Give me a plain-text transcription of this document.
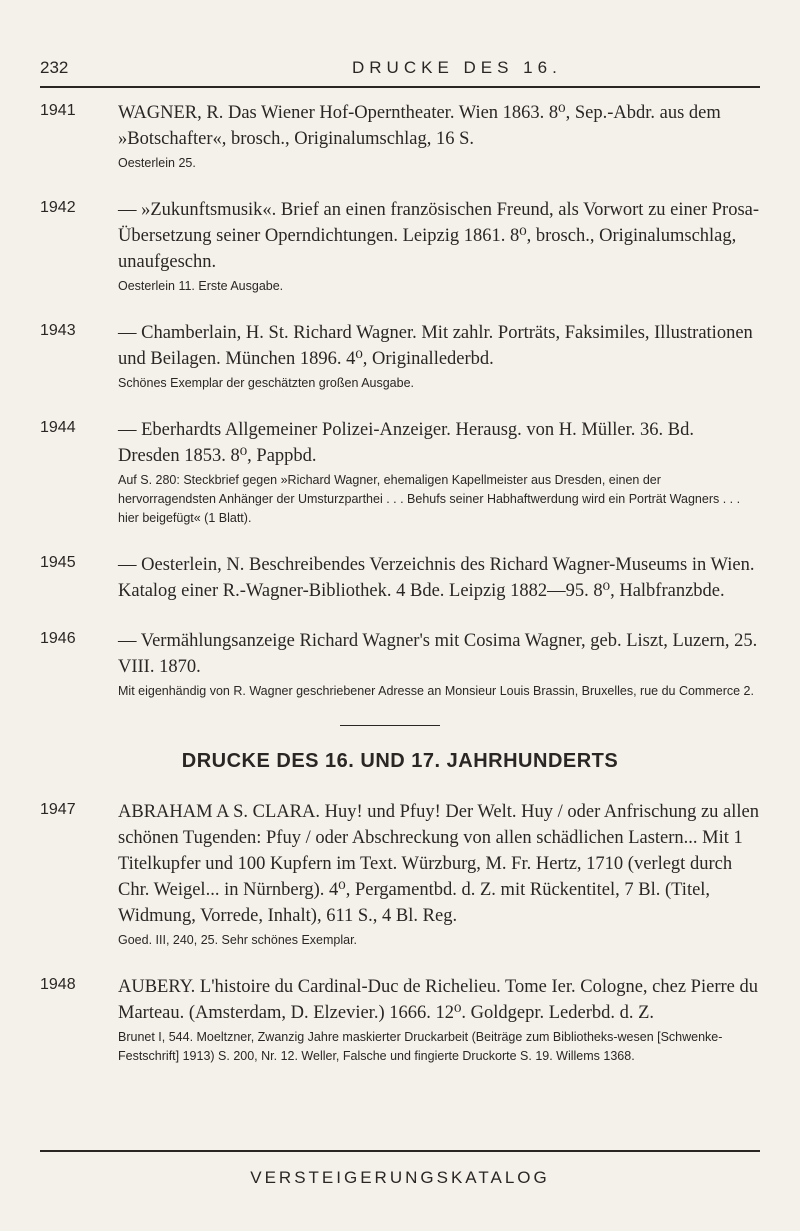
232	DRUCKE DES 16.
1941 WAGNER, R. Das Wiener Hof-Operntheater. Wien 1863. 8⁰, Sep.-Abdr. aus dem »Botschafter«, brosch., Originalumschlag, 16 S.

Oesterlein 25.

1942 — »Zukunftsmusik«. Brief an einen französischen Freund, als Vorwort zu einer Prosa-Übersetzung seiner Operndichtungen. Leipzig 1861. 8⁰, brosch., Originalumschlag, unaufgeschn.

Oesterlein 11. Erste Ausgabe.

1943 — Chamberlain, H. St. Richard Wagner. Mit zahlr. Porträts, Faksimiles, Illustrationen und Beilagen. München 1896. 4⁰, Originallederbd.

Schönes Exemplar der geschätzten großen Ausgabe.

1944 — Eberhardts Allgemeiner Polizei-Anzeiger. Herausg. von H. Müller. 36. Bd. Dresden 1853. 8⁰, Pappbd.

Auf S. 280: Steckbrief gegen »Richard Wagner, ehemaligen Kapellmeister aus Dresden, einen der hervorragendsten Anhänger der Umsturzparthei . . . Behufs seiner Habhaftwerdung wird ein Porträt Wagners . . . hier beigefügt« (1 Blatt).

1945 — Oesterlein, N. Beschreibendes Verzeichnis des Richard Wagner-Museums in Wien. Katalog einer R.-Wagner-Bibliothek. 4 Bde. Leipzig 1882—95. 8⁰, Halbfranzbde.

1946 — Vermählungsanzeige Richard Wagner's mit Cosima Wagner, geb. Liszt, Luzern, 25. VIII. 1870.

Mit eigenhändig von R. Wagner geschriebener Adresse an Monsieur Louis Brassin, Bruxelles, rue du Commerce 2.

DRUCKE DES 16. UND 17. JAHRHUNDERTS
1947 ABRAHAM A S. CLARA. Huy! und Pfuy! Der Welt. Huy / oder Anfrischung zu allen schönen Tugenden: Pfuy / oder Abschreckung von allen schädlichen Lastern... Mit 1 Titelkupfer und 100 Kupfern im Text. Würzburg, M. Fr. Hertz, 1710 (verlegt durch Chr. Weigel... in Nürnberg). 4⁰, Pergamentbd. d. Z. mit Rückentitel, 7 Bl. (Titel, Widmung, Vorrede, Inhalt), 611 S., 4 Bl. Reg.

Goed. III, 240, 25. Sehr schönes Exemplar.

1948 AUBERY. L'histoire du Cardinal-Duc de Richelieu. Tome Ier. Cologne, chez Pierre du Marteau. (Amsterdam, D. Elzevier.) 1666. 12⁰. Goldgepr. Lederbd. d. Z.

Brunet I, 544. Moeltzner, Zwanzig Jahre maskierter Druckarbeit (Beiträge zum Bibliotheks-wesen [Schwenke-Festschrift] 1913) S. 200, Nr. 12. Weller, Falsche und fingierte Druckorte S. 19. Willems 1368.

VERSTEIGERUNGSKATALOG
